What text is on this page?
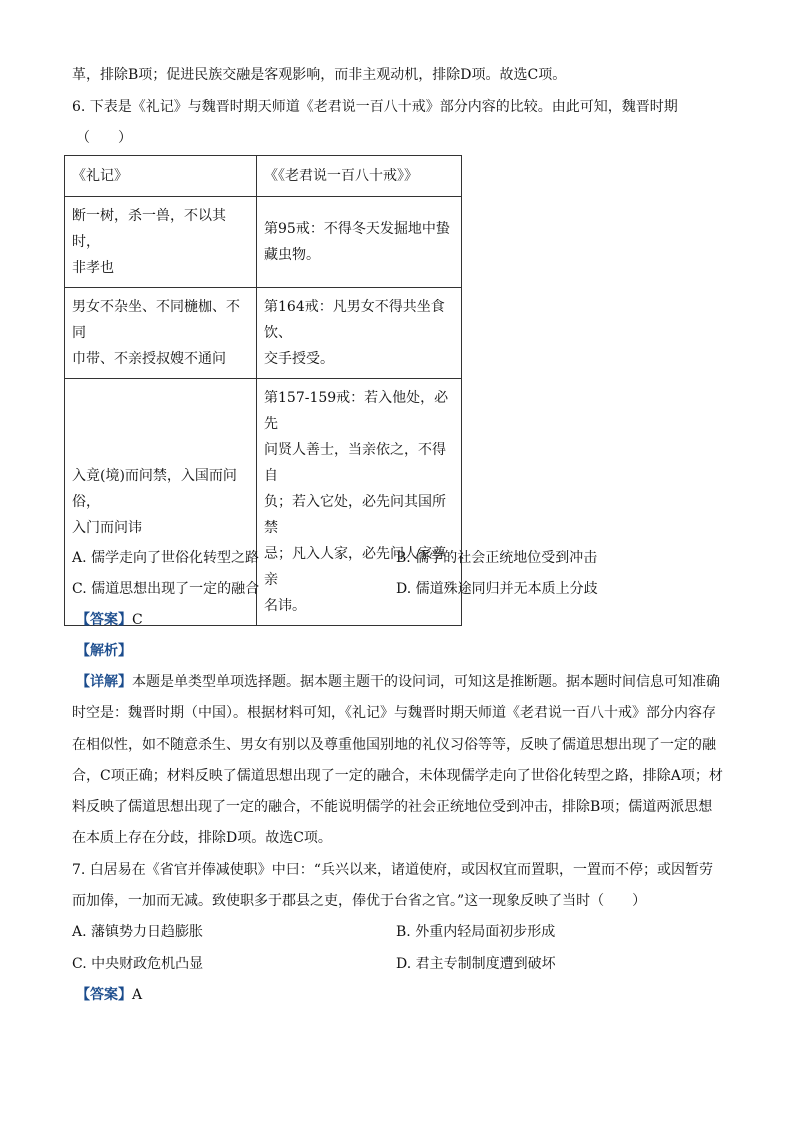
革，排除B项；促进民族交融是客观影响，而非主观动机，排除D项。故选C项。
6. 下表是《礼记》与魏晋时期天师道《老君说一百八十戒》部分内容的比较。由此可知，魏晋时期
（　　）
《礼记》	《《老君说一百八十戒》》

断一树，杀一兽，不以其时，
非孝也	第95戒：不得冬天发掘地中蛰
藏虫物。

男女不杂坐、不同椸枷、不同
巾带、不亲授叔嫂不通问	第164戒：凡男女不得共坐食饮、
交手授受。

入竟(境)而问禁，入国而问俗，
入门而问讳	第157-159戒：若入他处，必先
问贤人善士，当亲依之，不得自
负；若入它处，必先问其国所禁
忌；凡入人家，必先问人家尊亲
名讳。
A. 儒学走向了世俗化转型之路	B. 儒学的社会正统地位受到冲击
C. 儒道思想出现了一定的融合	D. 儒道殊途同归并无本质上分歧
【答案】C
【解析】
【详解】本题是单类型单项选择题。据本题主题干的设问词，可知这是推断题。据本题时间信息可知准确
时空是：魏晋时期（中国）。根据材料可知，《礼记》与魏晋时期天师道《老君说一百八十戒》部分内容存
在相似性，如不随意杀生、男女有别以及尊重他国别地的礼仪习俗等等，反映了儒道思想出现了一定的融
合，C项正确；材料反映了儒道思想出现了一定的融合，未体现儒学走向了世俗化转型之路，排除A项；材
料反映了儒道思想出现了一定的融合，不能说明儒学的社会正统地位受到冲击，排除B项；儒道两派思想
在本质上存在分歧，排除D项。故选C项。
7. 白居易在《省官并俸减使职》中曰：“兵兴以来，诸道使府，或因权宜而置职，一置而不停；或因暂劳
而加俸，一加而无减。致使职多于郡县之吏，俸优于台省之官。”这一现象反映了当时（　　）
A. 藩镇势力日趋膨胀	B. 外重内轻局面初步形成
C. 中央财政危机凸显	D. 君主专制制度遭到破坏
【答案】A
